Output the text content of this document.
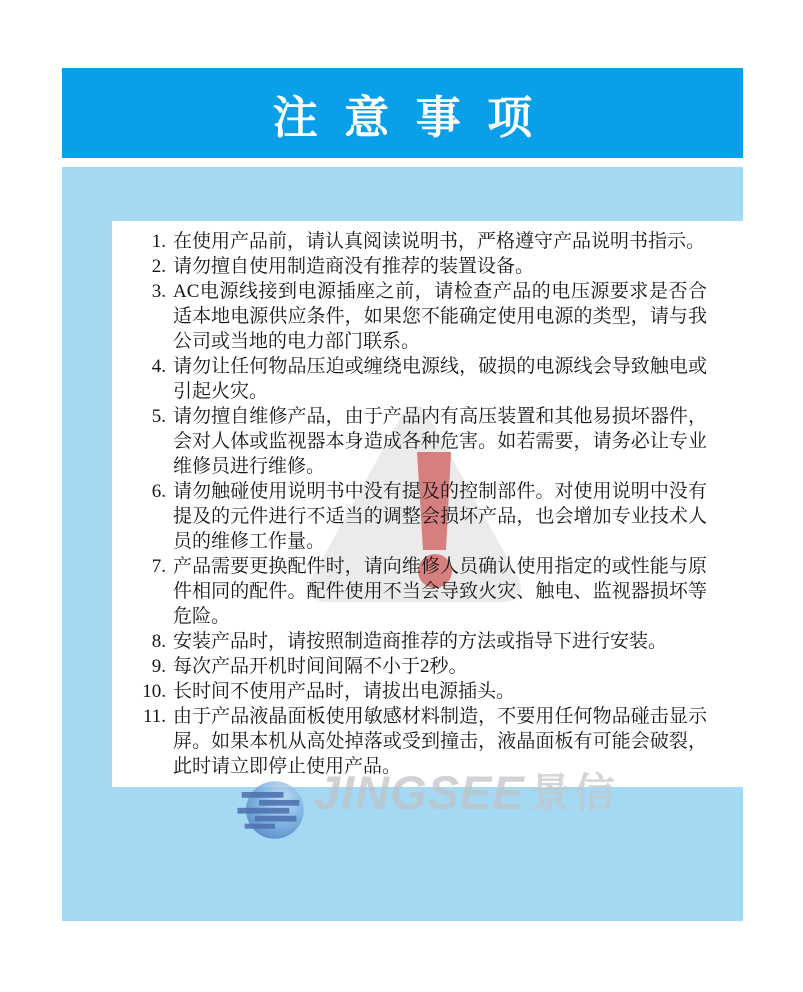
注 意 事 项
1. 在使用产品前，请认真阅读说明书，严格遵守产品说明书指示。
2. 请勿擅自使用制造商没有推荐的装置设备。
3. AC电源线接到电源插座之前，请检查产品的电压源要求是否合适本地电源供应条件，如果您不能确定使用电源的类型，请与我公司或当地的电力部门联系。
4. 请勿让任何物品压迫或缠绕电源线，破损的电源线会导致触电或引起火灾。
5. 请勿擅自维修产品，由于产品内有高压装置和其他易损坏器件，会对人体或监视器本身造成各种危害。如若需要，请务必让专业维修员进行维修。
6. 请勿触碰使用说明书中没有提及的控制部件。对使用说明中没有提及的元件进行不适当的调整会损坏产品，也会增加专业技术人员的维修工作量。
7. 产品需要更换配件时，请向维修人员确认使用指定的或性能与原件相同的配件。配件使用不当会导致火灾、触电、监视器损坏等危险。
8. 安装产品时，请按照制造商推荐的方法或指导下进行安装。
9. 每次产品开机时间间隔不小于2秒。
10. 长时间不使用产品时，请拔出电源插头。
11. 由于产品液晶面板使用敏感材料制造，不要用任何物品碰击显示屏。如果本机从高处掉落或受到撞击，液晶面板有可能会破裂，此时请立即停止使用产品。
JINGSEE 景信
